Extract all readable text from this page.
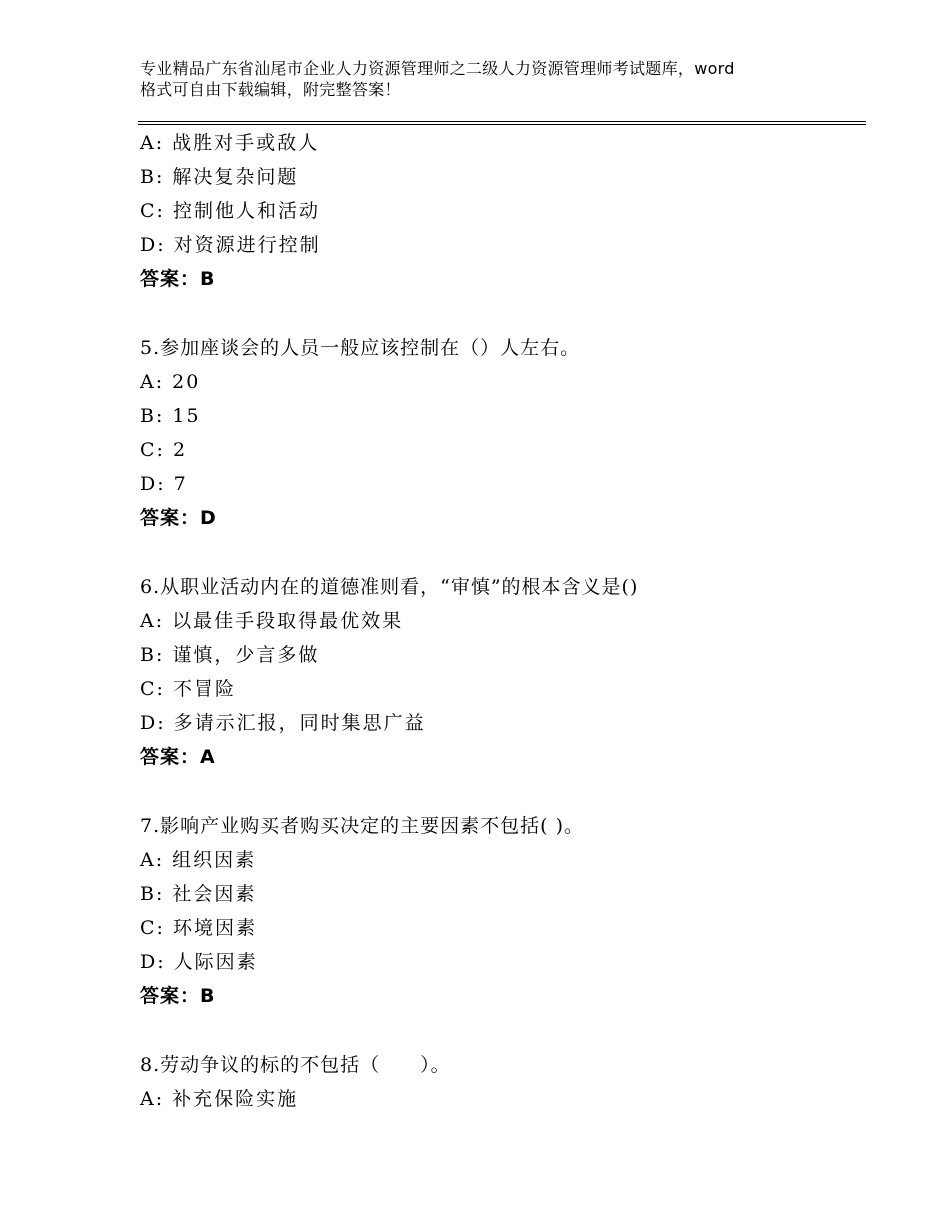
专业精品广东省汕尾市企业人力资源管理师之二级人力资源管理师考试题库，word
格式可自由下载编辑，附完整答案！
A: 战胜对手或敌人
B: 解决复杂问题
C: 控制他人和活动
D: 对资源进行控制
答案：B
5.参加座谈会的人员一般应该控制在（）人左右。
A: 20
B: 15
C: 2
D: 7
答案：D
6.从职业活动内在的道德准则看，“审慎”的根本含义是()
A: 以最佳手段取得最优效果
B: 谨慎，少言多做
C: 不冒险
D: 多请示汇报，同时集思广益
答案：A
7.影响产业购买者购买决定的主要因素不包括( )。
A: 组织因素
B: 社会因素
C: 环境因素
D: 人际因素
答案：B
8.劳动争议的标的不包括（　　）。
A: 补充保险实施
